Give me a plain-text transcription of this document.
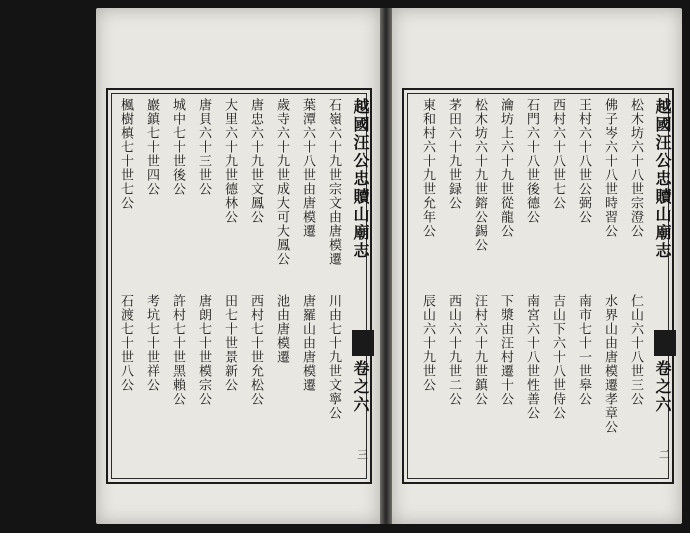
越國汪公忠贖山廟志
卷之六
三
石嶺六十九世宗文由唐模遷
葉潭六十八世由唐模遷
歲寺六十九世成大可大鳳公
唐忠六十九世文鳳公
大里六十九世德林公
唐貝六十三世公
城中七十世後公
巖鎮七十世四公
楓樹槙七十世七公
川由七十九世文寧公
唐羅山由唐模遷
池由唐模遷
西村七十世允松公
田七十世景新公
唐朗七十世模宗公
許村七十世黑賴公
考坑七十世祥公
石渡七十世八公
越國汪公忠贖山廟志
卷之六
二
松木坊六十八世宗澄公
佛子岑六十八世時習公
王村六十八世公弼公
西村六十八世七公
石門六十八世後德公
瀹坊上六十九世從龍公
松木坊六十九世鎔公錫公
茅田六十九世録公
東和村六十九世允年公
仁山六十八世三公
水界山由唐模遷孝章公
南市七十一世皋公
吉山下六十八世侍公
南宮六十八世性善公
下漿由汪村遷十公
汪村六十九世鎮公
西山六十九世二公
辰山六十九世公
